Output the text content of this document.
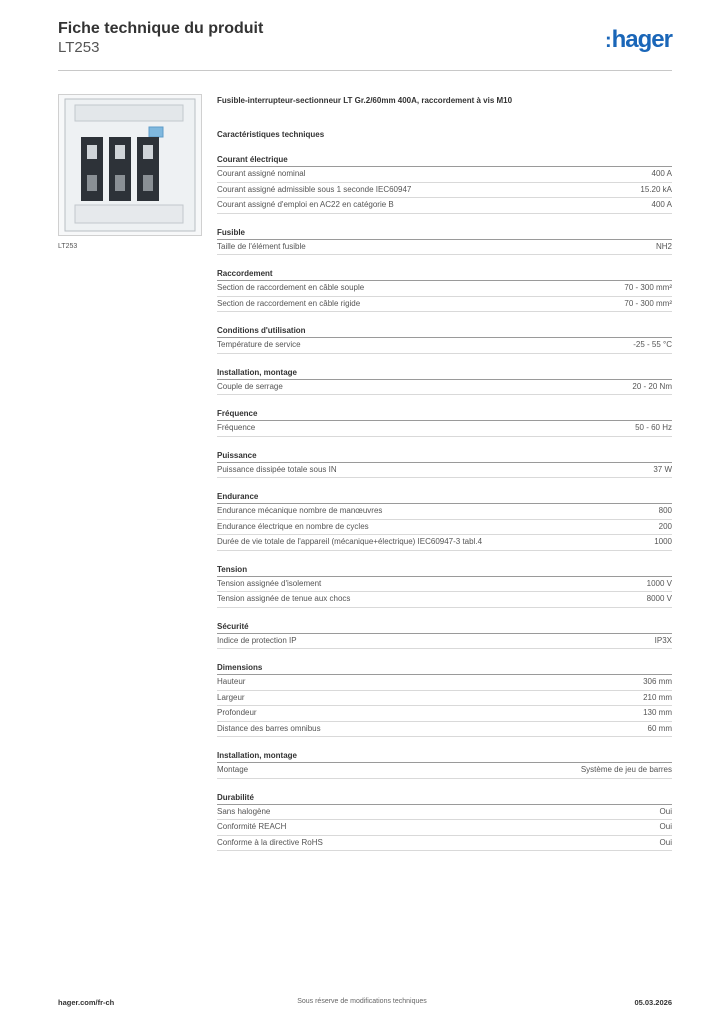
Fiche technique du produit
LT253	:hager
LT253
Fusible-interrupteur-sectionneur LT Gr.2/60mm 400A, raccordement à vis M10
Caractéristiques techniques
Courant électrique
Courant assigné nominal	400 A
Courant assigné admissible sous 1 seconde IEC60947	15.20 kA
Courant assigné d'emploi en AC22 en catégorie B	400 A
Fusible
Taille de l'élément fusible	NH2
Raccordement
Section de raccordement en câble souple	70 - 300 mm²
Section de raccordement en câble rigide	70 - 300 mm²
Conditions d'utilisation
Température de service	-25 - 55 °C
Installation, montage
Couple de serrage	20 - 20 Nm
Fréquence
Fréquence	50 - 60 Hz
Puissance
Puissance dissipée totale sous IN	37 W
Endurance
Endurance mécanique nombre de manœuvres	800
Endurance électrique en nombre de cycles	200
Durée de vie totale de l'appareil (mécanique+électrique) IEC60947-3 tabl.4	1000
Tension
Tension assignée d'isolement	1000 V
Tension assignée de tenue aux chocs	8000 V
Sécurité
Indice de protection IP	IP3X
Dimensions
Hauteur	306 mm
Largeur	210 mm
Profondeur	130 mm
Distance des barres omnibus	60 mm
Installation, montage
Montage	Système de jeu de barres
Durabilité
Sans halogène	Oui
Conformité REACH	Oui
Conforme à la directive RoHS	Oui
hager.com/fr-ch	Sous réserve de modifications techniques	05.03.2026
